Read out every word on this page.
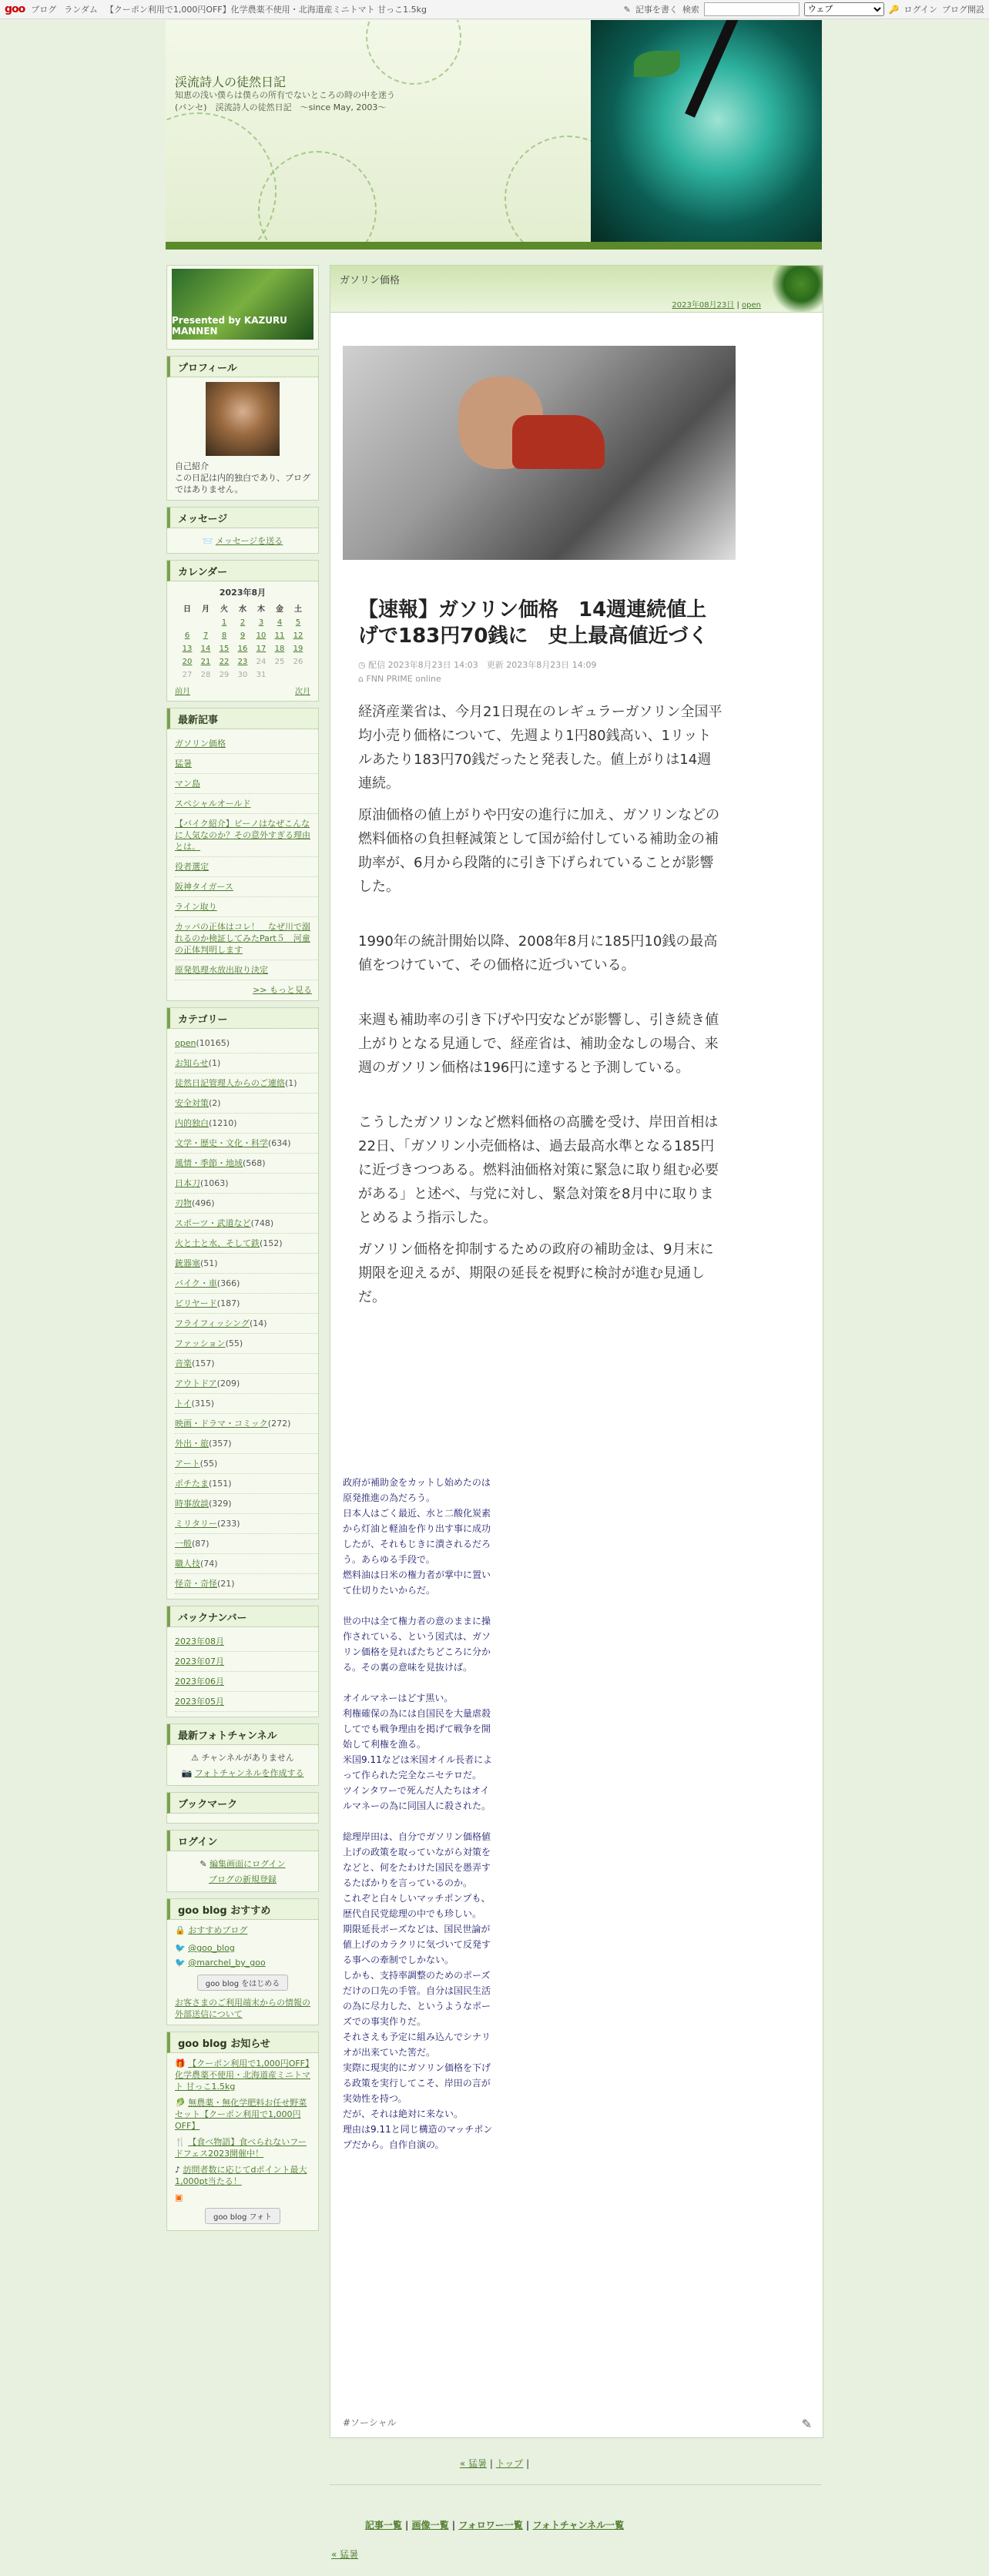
goo ブログ ランダム 【クーポン利用で1,000円OFF】化学農薬不使用・北海道産ミニトマト 甘っこ1.5kg	✎ 記事を書く 検索
ウェブ	🔑 ログイン ブログ開設
渓流詩人の徒然日記
知恵の浅い僕らは僕らの所有でないところの時の中を迷う(パンセ)　渓流詩人の徒然日記　～since May, 2003～
Presented by KAZURU MANNEN
プロフィール
自己紹介
この日記は内的独白であり、ブログではありません。
メッセージ
📨 メッセージを送る
カレンダー
2023年8月
日	月	火	水	木	金	土
		1	2	3	4	5
6	7	8	9	10	11	12
13	14	15	16	17	18	19
20	21	22	23	24	25	26
27	28	29	30	31		
前月	次月
最新記事
ガソリン価格
猛暑
マン島
スペシャルオールド
【バイク紹介】ビーノはなぜこんなに人気なのか？その意外すぎる理由とは。
役者選定
阪神タイガース
ライン取り
カッパの正体はコレ！　なぜ川で溺れるのか検証してみたPart５　河童の正体判明します
原発処理水放出取り決定
>> もっと見る
カテゴリー
open(10165)
お知らせ(1)
徒然日記管理人からのご連絡(1)
安全対策(2)
内的独白(1210)
文学・歴史・文化・科学(634)
風情・季節・地域(568)
日本刀(1063)
刃物(496)
スポーツ・武道など(748)
火と土と水、そして鉄(152)
銃器塞(51)
バイク・車(366)
ビリヤード(187)
フライフィッシング(14)
ファッション(55)
音楽(157)
アウトドア(209)
トイ(315)
映画・ドラマ・コミック(272)
外出・旅(357)
アート(55)
ポチたま(151)
時事放談(329)
ミリタリー(233)
一般(87)
職人技(74)
怪奇・奇怪(21)
バックナンバー
2023年08月
2023年07月
2023年06月
2023年05月
最新フォトチャンネル
⚠ チャンネルがありません
📷 フォトチャンネルを作成する
ブックマーク
ログイン
✎ 編集画面にログイン
ブログの新規登録
goo blog おすすめ
🔒 おすすめブログ
🐦 @goo_blog
🐦 @marchel_by_goo
goo blog をはじめる
お客さまのご利用端末からの情報の外部送信について
goo blog お知らせ
🎁 【クーポン利用で1,000円OFF】化学農薬不使用・北海道産ミニトマト 甘っこ1.5kg
🥬 無農薬・無化学肥料お任せ野菜セット【クーポン利用で1,000円OFF】
🍴 【食べ物語】食べられないフードフェス2023開催中！
♪ 訪問者数に応じてdポイント最大1,000pt当たる！
▣
goo blog フォト
ガソリン価格
2023年08月23日 | open
【速報】ガソリン価格　14週連続値上げで183円70銭に　史上最高値近づく
◷ 配信 2023年8月23日 14:03　更新 2023年8月23日 14:09
⌂ FNN PRIME online

経済産業省は、今月21日現在のレギュラーガソリン全国平均小売り価格について、先週より1円80銭高い、1リットルあたり183円70銭だったと発表した。値上がりは14週連続。

原油価格の値上がりや円安の進行に加え、ガソリンなどの燃料価格の負担軽減策として国が給付している補助金の補助率が、6月から段階的に引き下げられていることが影響した。

1990年の統計開始以降、2008年8月に185円10銭の最高値をつけていて、その価格に近づいている。

来週も補助率の引き下げや円安などが影響し、引き続き値上がりとなる見通しで、経産省は、補助金なしの場合、来週のガソリン価格は196円に達すると予測している。

こうしたガソリンなど燃料価格の高騰を受け、岸田首相は22日、「ガソリン小売価格は、過去最高水準となる185円に近づきつつある。燃料油価格対策に緊急に取り組む必要がある」と述べ、与党に対し、緊急対策を8月中に取りまとめるよう指示した。

ガソリン価格を抑制するための政府の補助金は、9月末に期限を迎えるが、期限の延長を視野に検討が進む見通しだ。

政府が補助金をカットし始めたのは原発推進の為だろう。
日本人はごく最近、水と二酸化炭素から灯油と軽油を作り出す事に成功したが、それもじきに潰されるだろう。あらゆる手段で。
燃料油は日米の権力者が掌中に置いて仕切りたいからだ。
世の中は全て権力者の意のままに操作されている、という図式は、ガソリン価格を見ればたちどころに分かる。その裏の意味を見抜けば。
オイルマネーはどす黒い。
利権確保の為には自国民を大量虐殺してでも戦争理由を掲げて戦争を開始して利権を漁る。
米国9.11などは米国オイル長者によって作られた完全なニセテロだ。
ツインタワーで死んだ人たちはオイルマネーの為に同国人に殺された。
総理岸田は、自分でガソリン価格値上げの政策を取っていながら対策をなどと、何をたわけた国民を愚弄するたばかりを言っているのか。
これぞと白々しいマッチポンプも、歴代自民党総理の中でも珍しい。
期限延長ポーズなどは、国民世論が値上げのカラクリに気づいて反発する事への牽制でしかない。
しかも、支持率調整のためのポーズだけの口先の手管。自分は国民生活の為に尽力した、というようなポーズでの事実作りだ。
それさえも予定に組み込んでシナリオが出来ていた筈だ。
実際に現実的にガソリン価格を下げる政策を実行してこそ、岸田の言が実効性を持つ。
だが、それは絶対に来ない。
理由は9.11と同じ構造のマッチポンプだから。自作自演の。
#ソーシャル	✎
« 猛暑 | トップ |
記事一覧 | 画像一覧 | フォロワー一覧 | フォトチャンネル一覧
« 猛暑
